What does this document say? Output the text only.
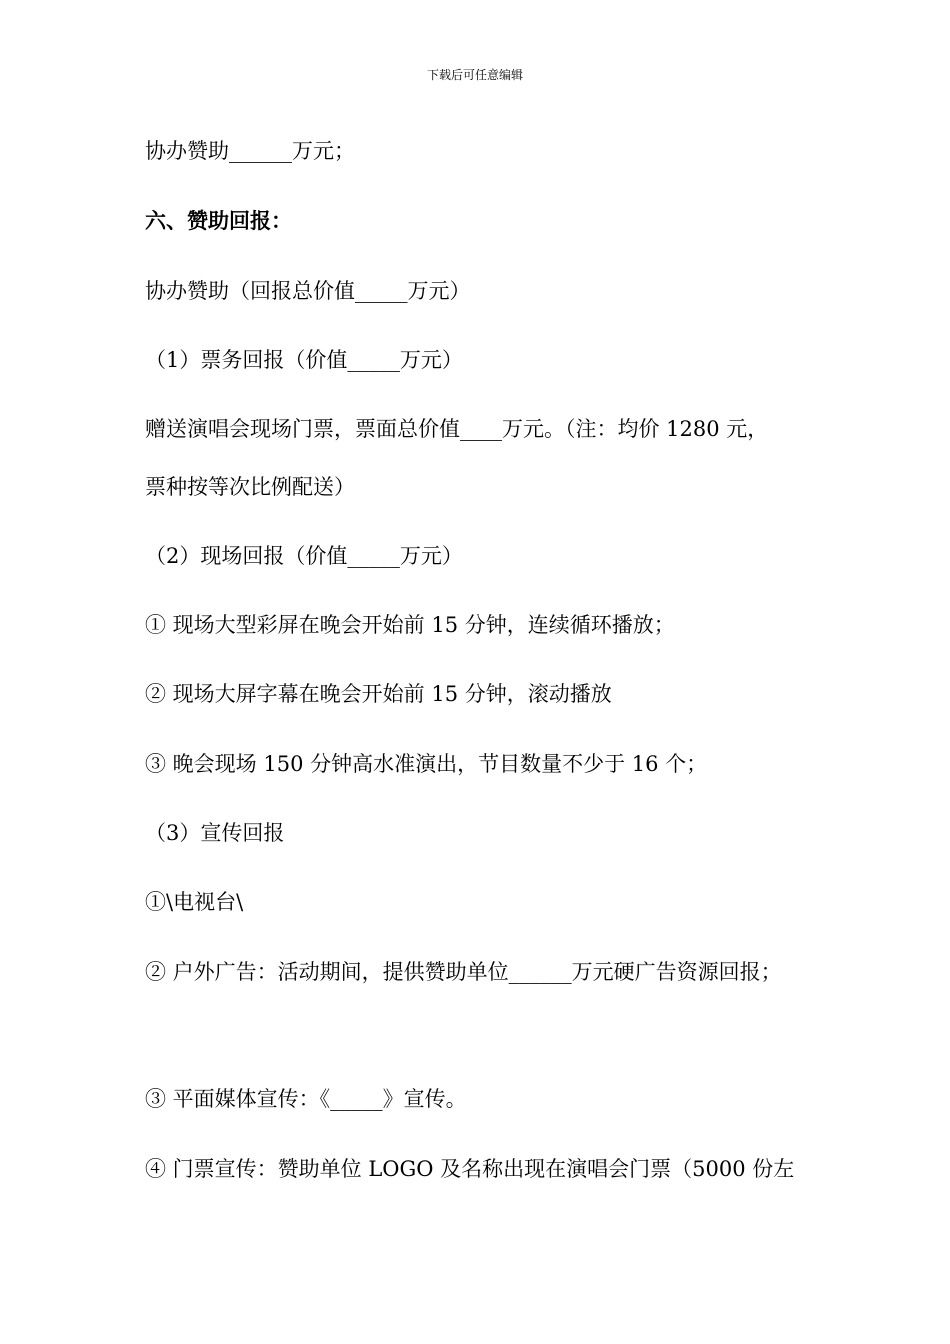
下载后可任意编辑
协办赞助______万元；
六、赞助回报：
协办赞助（回报总价值_____万元）
（1）票务回报（价值_____万元）
赠送演唱会现场门票，票面总价值____万元。（注：均价 1280 元，
票种按等次比例配送）
（2）现场回报（价值_____万元）
① 现场大型彩屏在晚会开始前 15 分钟，连续循环播放；
② 现场大屏字幕在晚会开始前 15 分钟，滚动播放
③ 晚会现场 150 分钟高水准演出，节目数量不少于 16 个；
（3）宣传回报
①\电视台\
② 户外广告：活动期间，提供赞助单位______万元硬广告资源回报；
③ 平面媒体宣传：《_____》宣传。
④ 门票宣传：赞助单位 LOGO 及名称出现在演唱会门票（5000 份左
